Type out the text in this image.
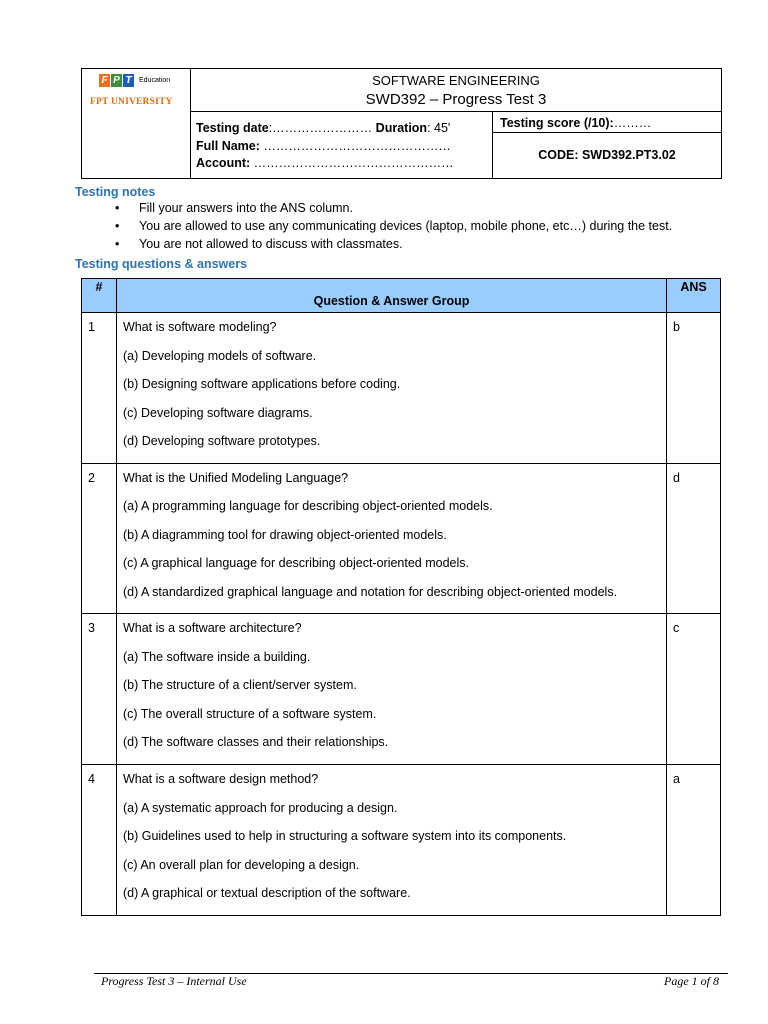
F P T	Education
FPT UNIVERSITY
SOFTWARE ENGINEERING
SWD392 – Progress Test 3
Testing date:…………………… Duration: 45'
Full Name: ………………………………………
Account: …………………………………………
Testing score (/10):………
CODE: SWD392.PT3.02
Testing notes
• Fill your answers into the ANS column.
• You are allowed to use any communicating devices (laptop, mobile phone, etc…) during the test.
• You are not allowed to discuss with classmates.
Testing questions & answers
#	Question & Answer Group	ANS
1	What is software modeling?
(a) Developing models of software.
(b) Designing software applications before coding.
(c) Developing software diagrams.
(d) Developing software prototypes.	b
2	What is the Unified Modeling Language?
(a) A programming language for describing object-oriented models.
(b) A diagramming tool for drawing object-oriented models.
(c) A graphical language for describing object-oriented models.
(d) A standardized graphical language and notation for describing object-oriented models.	d
3	What is a software architecture?
(a) The software inside a building.
(b) The structure of a client/server system.
(c) The overall structure of a software system.
(d) The software classes and their relationships.	c
4	What is a software design method?
(a) A systematic approach for producing a design.
(b) Guidelines used to help in structuring a software system into its components.
(c) An overall plan for developing a design.
(d) A graphical or textual description of the software.	a
Progress Test 3 – Internal Use	Page 1 of 8
